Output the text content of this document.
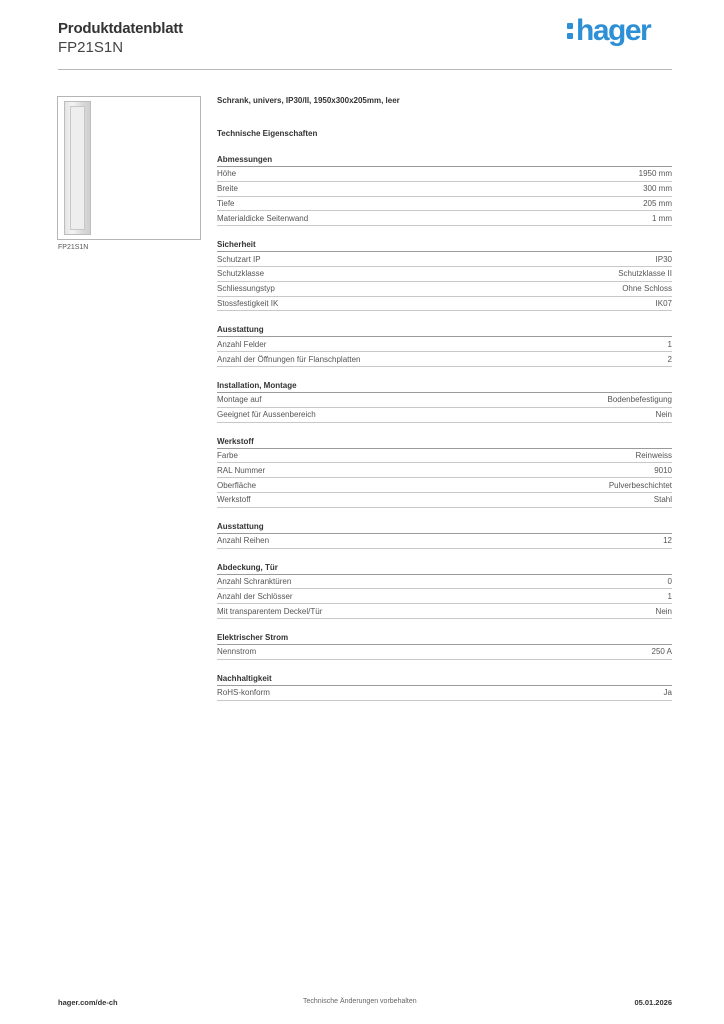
Produktdatenblatt
FP21S1N
hager
FP21S1N
Schrank, univers, IP30/II, 1950x300x205mm, leer
Technische Eigenschaften
Abmessungen
Höhe	1950 mm
Breite	300 mm
Tiefe	205 mm
Materialdicke Seitenwand	1 mm
Sicherheit
Schutzart IP	IP30
Schutzklasse	Schutzklasse II
Schliessungstyp	Ohne Schloss
Stossfestigkeit IK	IK07
Ausstattung
Anzahl Felder	1
Anzahl der Öffnungen für Flanschplatten	2
Installation, Montage
Montage auf	Bodenbefestigung
Geeignet für Aussenbereich	Nein
Werkstoff
Farbe	Reinweiss
RAL Nummer	9010
Oberfläche	Pulverbeschichtet
Werkstoff	Stahl
Ausstattung
Anzahl Reihen	12
Abdeckung, Tür
Anzahl Schranktüren	0
Anzahl der Schlösser	1
Mit transparentem Deckel/Tür	Nein
Elektrischer Strom
Nennstrom	250 A
Nachhaltigkeit
RoHS-konform	Ja
hager.com/de-ch	Technische Änderungen vorbehalten	05.01.2026
